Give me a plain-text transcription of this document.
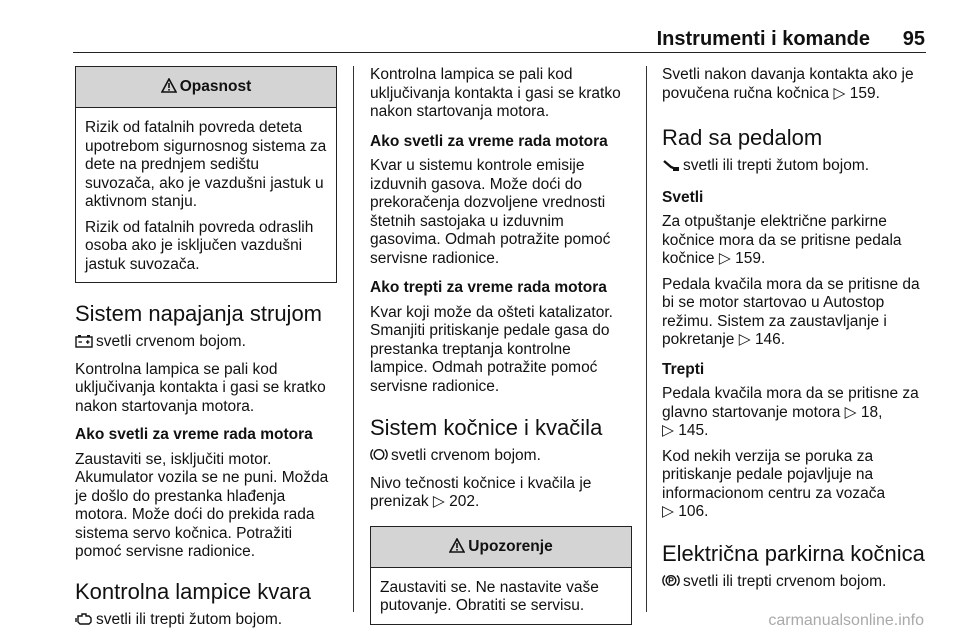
Instrumenti i komande 95
Opasnost

Rizik od fatalnih povreda deteta upotrebom sigurnosnog sistema za dete na prednjem sedištu suvozača, ako je vazdušni jastuk u aktivnom stanju.

Rizik od fatalnih povreda odraslih osoba ako je isključen vazdušni jastuk suvozača.

Sistem napajanja strujom

svetli crvenom bojom.

Kontrolna lampica se pali kod uključivanja kontakta i gasi se kratko nakon startovanja motora.

Ako svetli za vreme rada motora

Zaustaviti se, isključiti motor. Akumulator vozila se ne puni. Možda je došlo do prestanka hlađenja motora. Može doći do prekida rada sistema servo kočnica. Potražiti pomoć servisne radionice.

Kontrolna lampice kvara

svetli ili trepti žutom bojom.

Kontrolna lampica se pali kod uključivanja kontakta i gasi se kratko nakon startovanja motora.

Ako svetli za vreme rada motora

Kvar u sistemu kontrole emisije izduvnih gasova. Može doći do prekoračenja dozvoljene vrednosti štetnih sastojaka u izduvnim gasovima. Odmah potražite pomoć servisne radionice.

Ako trepti za vreme rada motora

Kvar koji može da ošteti katalizator. Smanjiti pritiskanje pedale gasa do prestanka treptanja kontrolne lampice. Odmah potražite pomoć servisne radionice.

Sistem kočnice i kvačila

svetli crvenom bojom.

Nivo tečnosti kočnice i kvačila je prenizak ▷ 202.

Upozorenje

Zaustaviti se. Ne nastavite vaše putovanje. Obratiti se servisu.

Svetli nakon davanja kontakta ako je povučena ručna kočnica ▷ 159.

Rad sa pedalom

svetli ili trepti žutom bojom.

Svetli

Za otpuštanje električne parkirne kočnice mora da se pritisne pedala kočnice ▷ 159.

Pedala kvačila mora da se pritisne da bi se motor startovao u Autostop režimu. Sistem za zaustavljanje i pokretanje ▷ 146.

Trepti

Pedala kvačila mora da se pritisne za glavno startovanje motora ▷ 18,
▷ 145.

Kod nekih verzija se poruka za pritiskanje pedale pojavljuje na informacionom centru za vozača
▷ 106.

Električna parkirna kočnica

svetli ili trepti crvenom bojom.

carmanualsonline.info
